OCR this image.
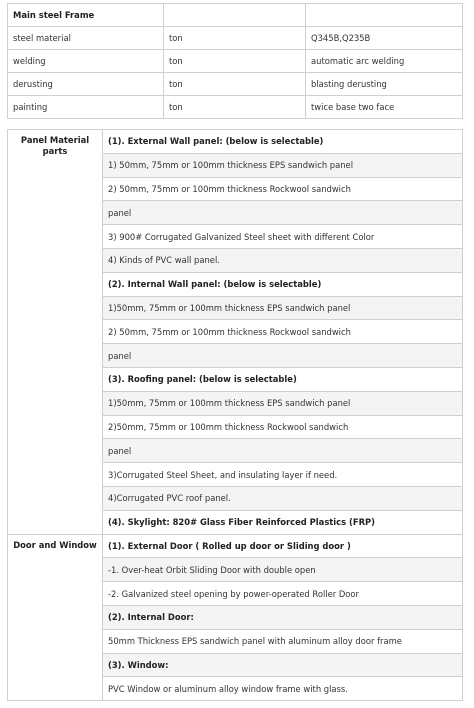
Main steel Frame		
steel material	ton	Q345B,Q235B
welding	ton	automatic arc welding
derusting	ton	blasting derusting
painting	ton	twice base two face
Panel Material parts	(1). External Wall panel: (below is selectable)
	1) 50mm, 75mm or 100mm thickness EPS sandwich panel
	2) 50mm, 75mm or 100mm thickness Rockwool sandwich
	panel
	3) 900# Corrugated Galvanized Steel sheet with different Color
	4) Kinds of PVC wall panel.
	(2). Internal Wall panel: (below is selectable)
	1)50mm, 75mm or 100mm thickness EPS sandwich panel
	2) 50mm, 75mm or 100mm thickness Rockwool sandwich
	panel
	(3). Roofing panel: (below is selectable)
	1)50mm, 75mm or 100mm thickness EPS sandwich panel
	2)50mm, 75mm or 100mm thickness Rockwool sandwich
	panel
	3)Corrugated Steel Sheet, and insulating layer if need.
	4)Corrugated PVC roof panel.
	(4). Skylight: 820# Glass Fiber Reinforced Plastics (FRP)
Door and Window	(1). External Door ( Rolled up door or Sliding door )
	-1. Over-heat Orbit Sliding Door with double open
	-2. Galvanized steel opening by power-operated Roller Door
	(2). Internal Door:
	50mm Thickness EPS sandwich panel with aluminum alloy door frame
	(3). Window:
	PVC Window or aluminum alloy window frame with glass.
